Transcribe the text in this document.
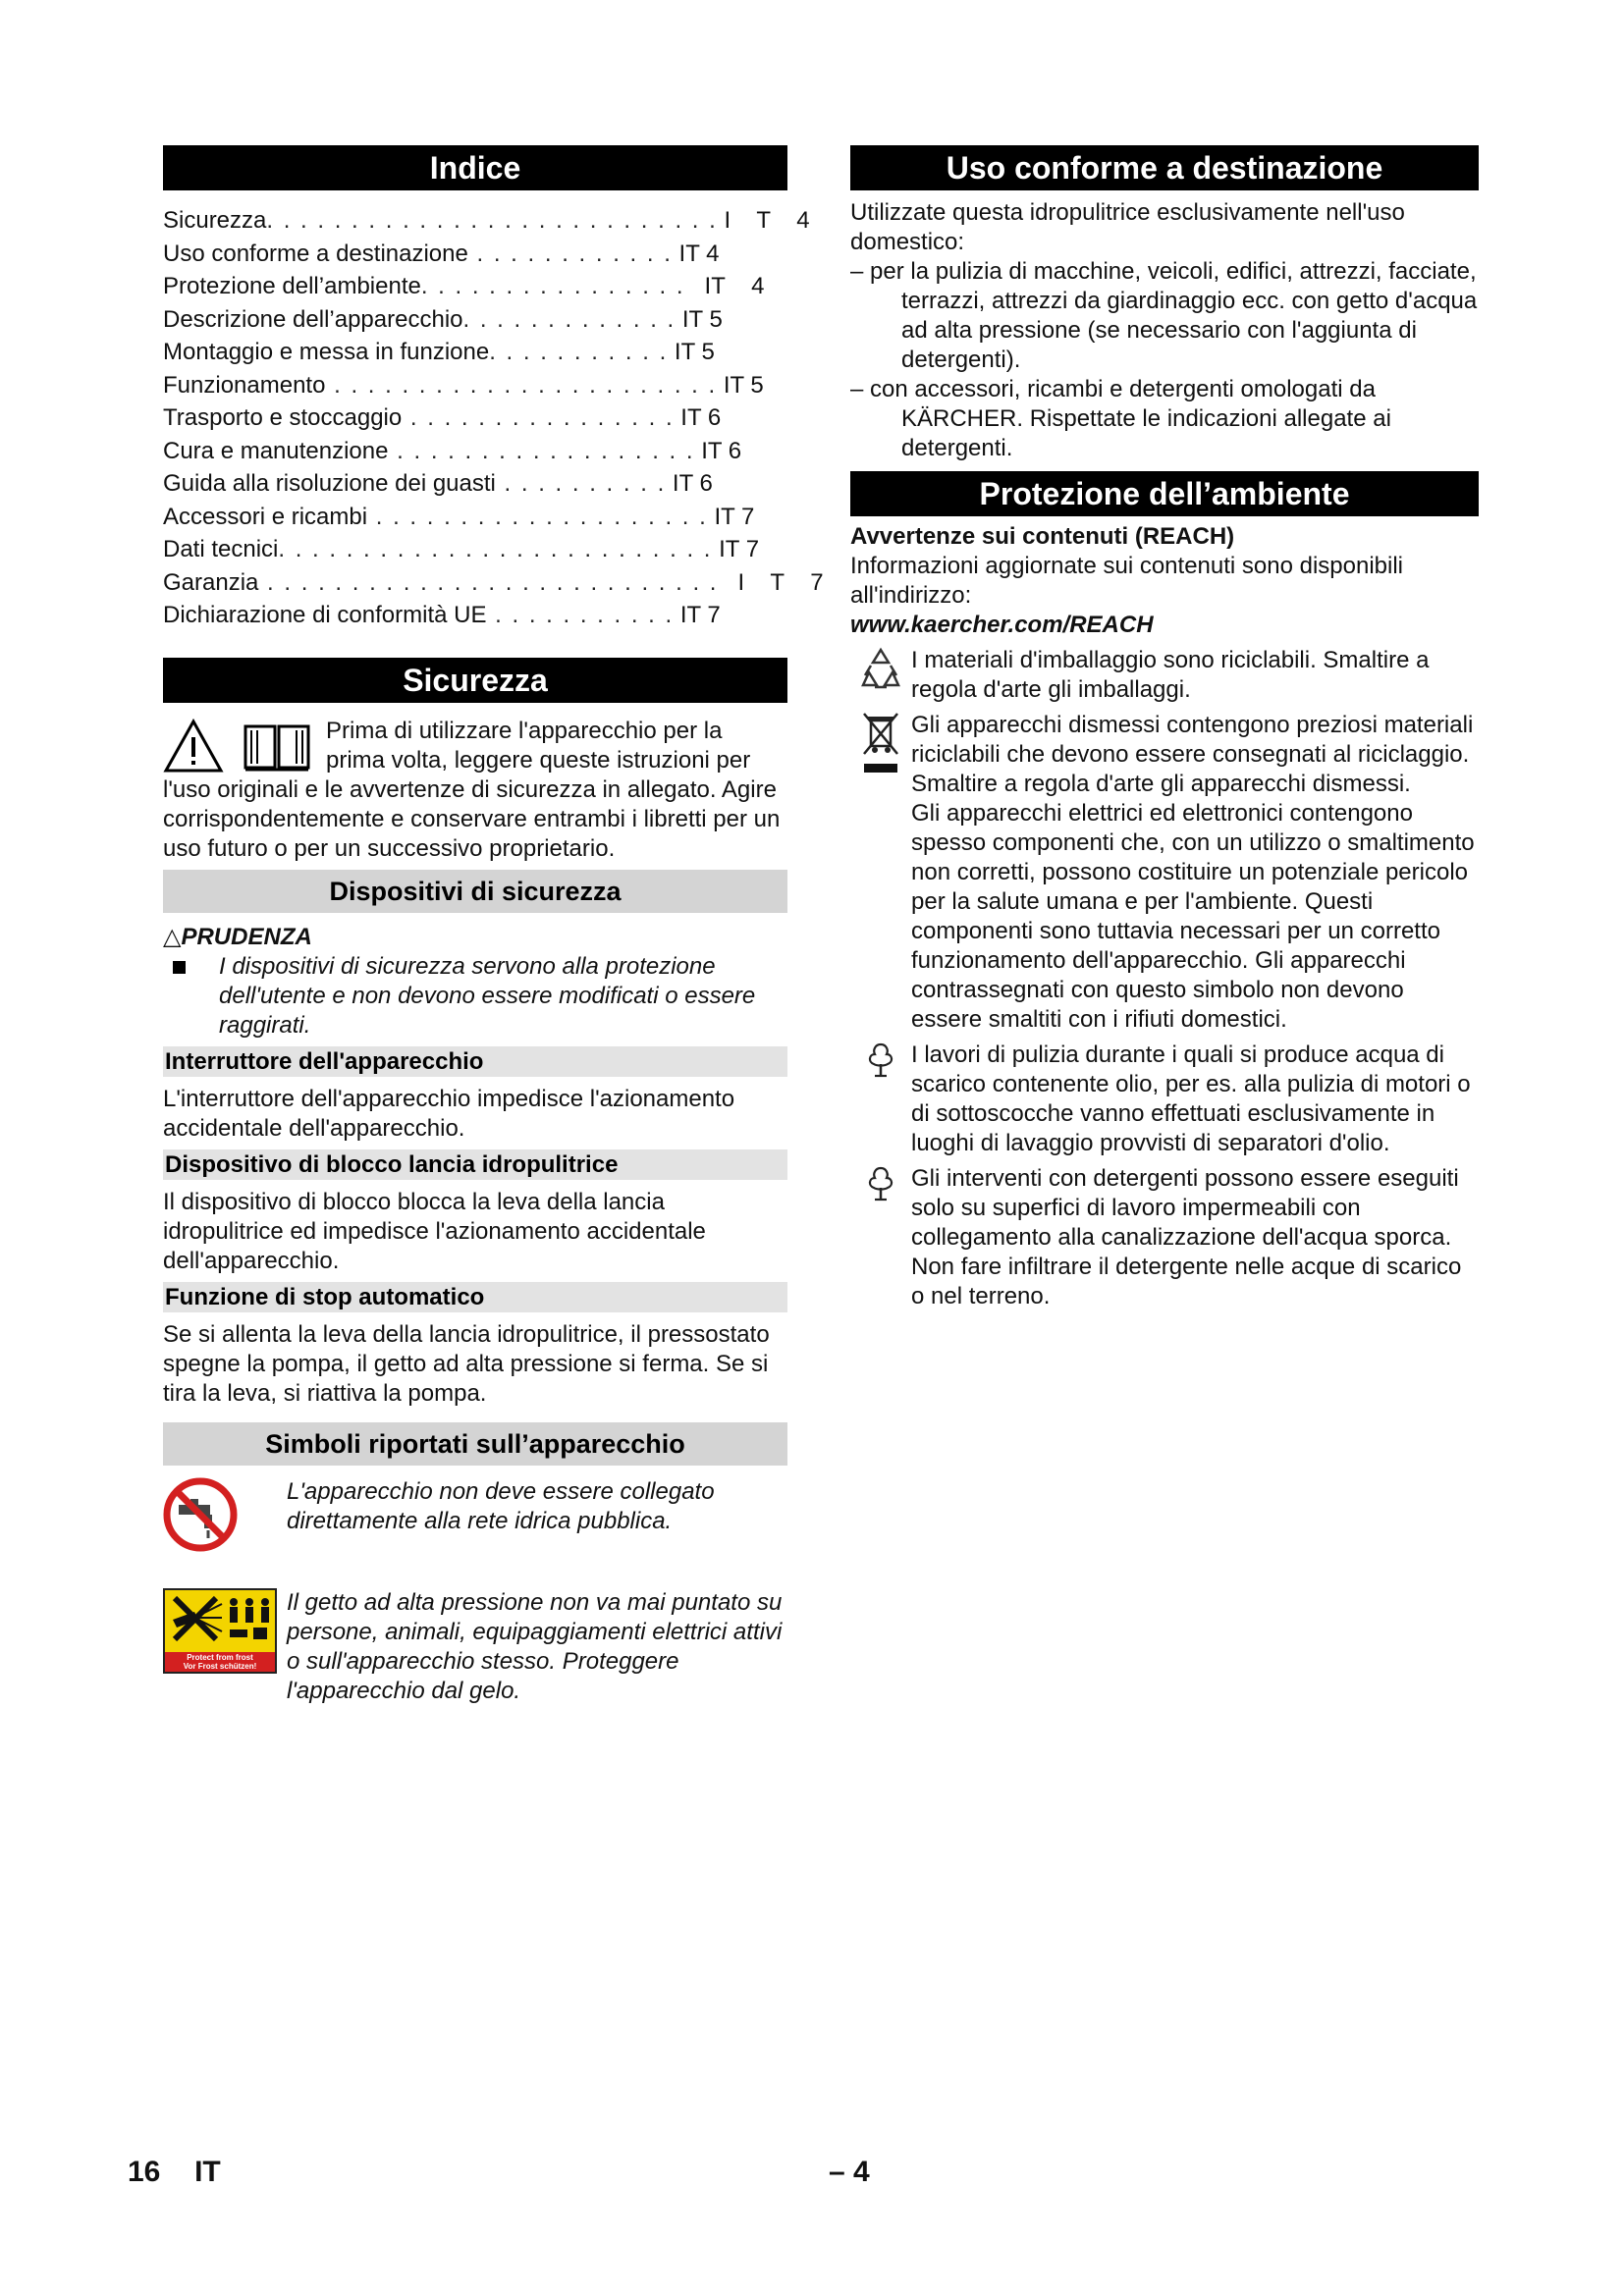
Indice
Sicurezza. . . . . . . . . . . . . . . . . . . . . . . . . . . I    T    4
Uso conforme a destinazione . . . . . . . . . . . . IT 4
Protezione dell’ambiente. . . . . . . . . . . . . . . .   IT    4
Descrizione dell’apparecchio. . . . . . . . . . . . . IT 5
Montaggio e messa in funzione. . . . . . . . . . . IT 5
Funzionamento . . . . . . . . . . . . . . . . . . . . . . . IT 5
Trasporto e stoccaggio . . . . . . . . . . . . . . . . IT 6
Cura e manutenzione . . . . . . . . . . . . . . . . . . IT 6
Guida alla risoluzione dei guasti . . . . . . . . . . IT 6
Accessori e ricambi . . . . . . . . . . . . . . . . . . . . IT 7
Dati tecnici. . . . . . . . . . . . . . . . . . . . . . . . . . IT 7
Garanzia . . . . . . . . . . . . . . . . . . . . . . . . . . .   I    T    7
Dichiarazione di conformità UE . . . . . . . . . . . IT 7
Sicurezza

Prima di utilizzare l'apparecchio per la prima volta, leggere queste istruzioni per

l'uso originali e le avvertenze di sicurezza in allegato. Agire corrispondentemente e conservare entrambi i libretti per un uso futuro o per un successivo proprietario.

Dispositivi di sicurezza
△PRUDENZA
I dispositivi di sicurezza servono alla protezione dell'utente e non devono essere modificati o essere raggirati.
Interruttore dell'apparecchio

L'interruttore dell'apparecchio impedisce l'azionamento accidentale dell'apparecchio.

Dispositivo di blocco lancia idropulitrice

Il dispositivo di blocco blocca la leva della lancia idropulitrice ed impedisce l'azionamento accidentale dell'apparecchio.

Funzione di stop automatico

Se si allenta la leva della lancia idropulitrice, il pressostato spegne la pompa, il getto ad alta pressione si ferma. Se si tira la leva, si riattiva la pompa.

Simboli riportati sull’apparecchio
L'apparecchio non deve essere collegato direttamente alla rete idrica pubblica.
Protect from frost
Vor Frost schützen!
Il getto ad alta pressione non va mai puntato su persone, animali, equipaggiamenti elettrici attivi o sull'apparecchio stesso. Proteggere l'apparecchio dal gelo.
Uso conforme a destinazione

Utilizzate questa idropulitrice esclusivamente nell'uso domestico:

– per la pulizia di macchine, veicoli, edifici, attrezzi, facciate, terrazzi, attrezzi da giardinaggio ecc. con getto d'acqua ad alta pressione (se necessario con l'aggiunta di detergenti).
– con accessori, ricambi e detergenti omologati da KÄRCHER. Rispettate le indicazioni allegate ai detergenti.
Protezione dell’ambiente

Avvertenze sui contenuti (REACH)

Informazioni aggiornate sui contenuti sono disponibili all'indirizzo:

www.kaercher.com/REACH

I materiali d'imballaggio sono riciclabili. Smaltire a regola d'arte gli imballaggi.
Gli apparecchi dismessi contengono preziosi materiali riciclabili che devono essere consegnati al riciclaggio. Smaltire a regola d'arte gli apparecchi dismessi.
Gli apparecchi elettrici ed elettronici contengono spesso componenti che, con un utilizzo o smaltimento non corretti, possono costituire un potenziale pericolo per la salute umana e per l'ambiente. Questi componenti sono tuttavia necessari per un corretto funzionamento dell'apparecchio. Gli apparecchi contrassegnati con questo simbolo non devono essere smaltiti con i rifiuti domestici.
I lavori di pulizia durante i quali si produce acqua di scarico contenente olio, per es. alla pulizia di motori o di sottoscocche vanno effettuati esclusivamente in luoghi di lavaggio provvisti di separatori d'olio.
Gli interventi con detergenti possono essere eseguiti solo su superfici di lavoro impermeabili con collegamento alla canalizzazione dell'acqua sporca. Non fare infiltrare il detergente nelle acque di scarico o nel terreno.
16 IT	– 4
